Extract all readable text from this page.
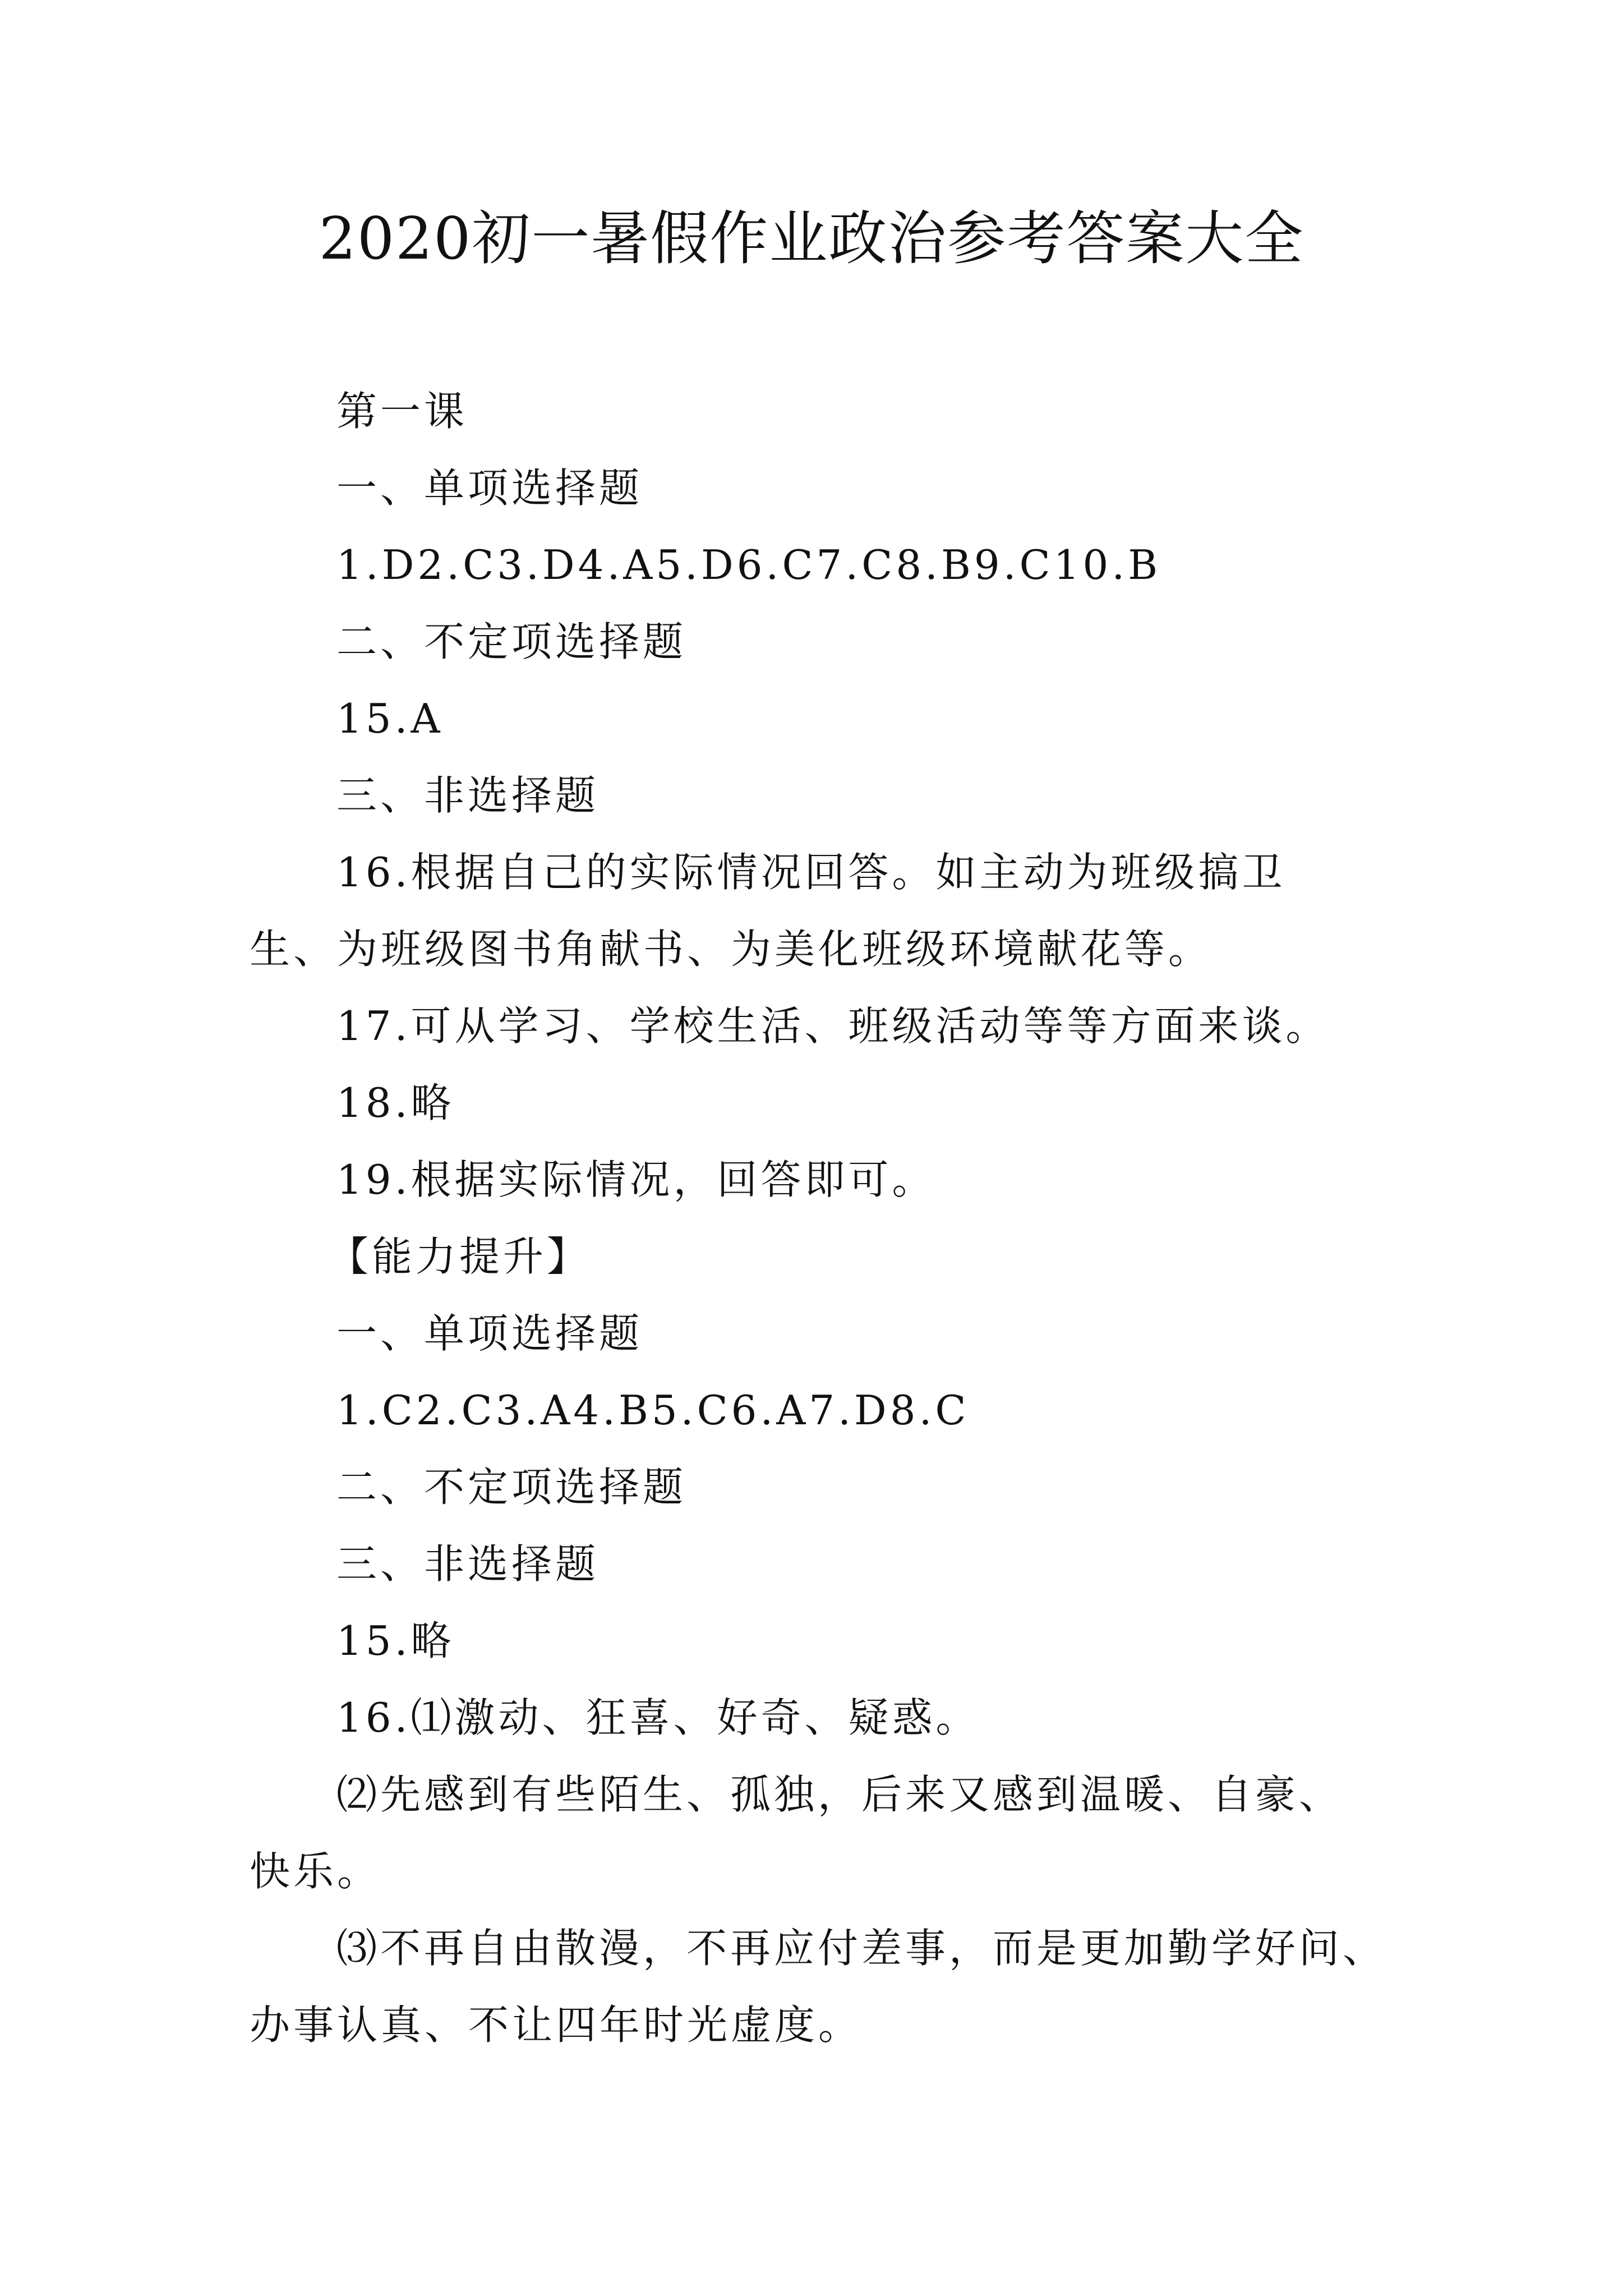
2020初一暑假作业政治参考答案大全
第一课
一、单项选择题
1.D2.C3.D4.A5.D6.C7.C8.B9.C10.B
二、不定项选择题
15.A
三、非选择题
16.根据自己的实际情况回答。如主动为班级搞卫生、为班级图书角献书、为美化班级环境献花等。
17.可从学习、学校生活、班级活动等等方面来谈。
18.略
19.根据实际情况，回答即可。
【能力提升】
一、单项选择题
1.C2.C3.A4.B5.C6.A7.D8.C
二、不定项选择题
三、非选择题
15.略
16.⑴激动、狂喜、好奇、疑惑。
⑵先感到有些陌生、孤独，后来又感到温暖、自豪、快乐。
⑶不再自由散漫，不再应付差事，而是更加勤学好问、办事认真、不让四年时光虚度。
